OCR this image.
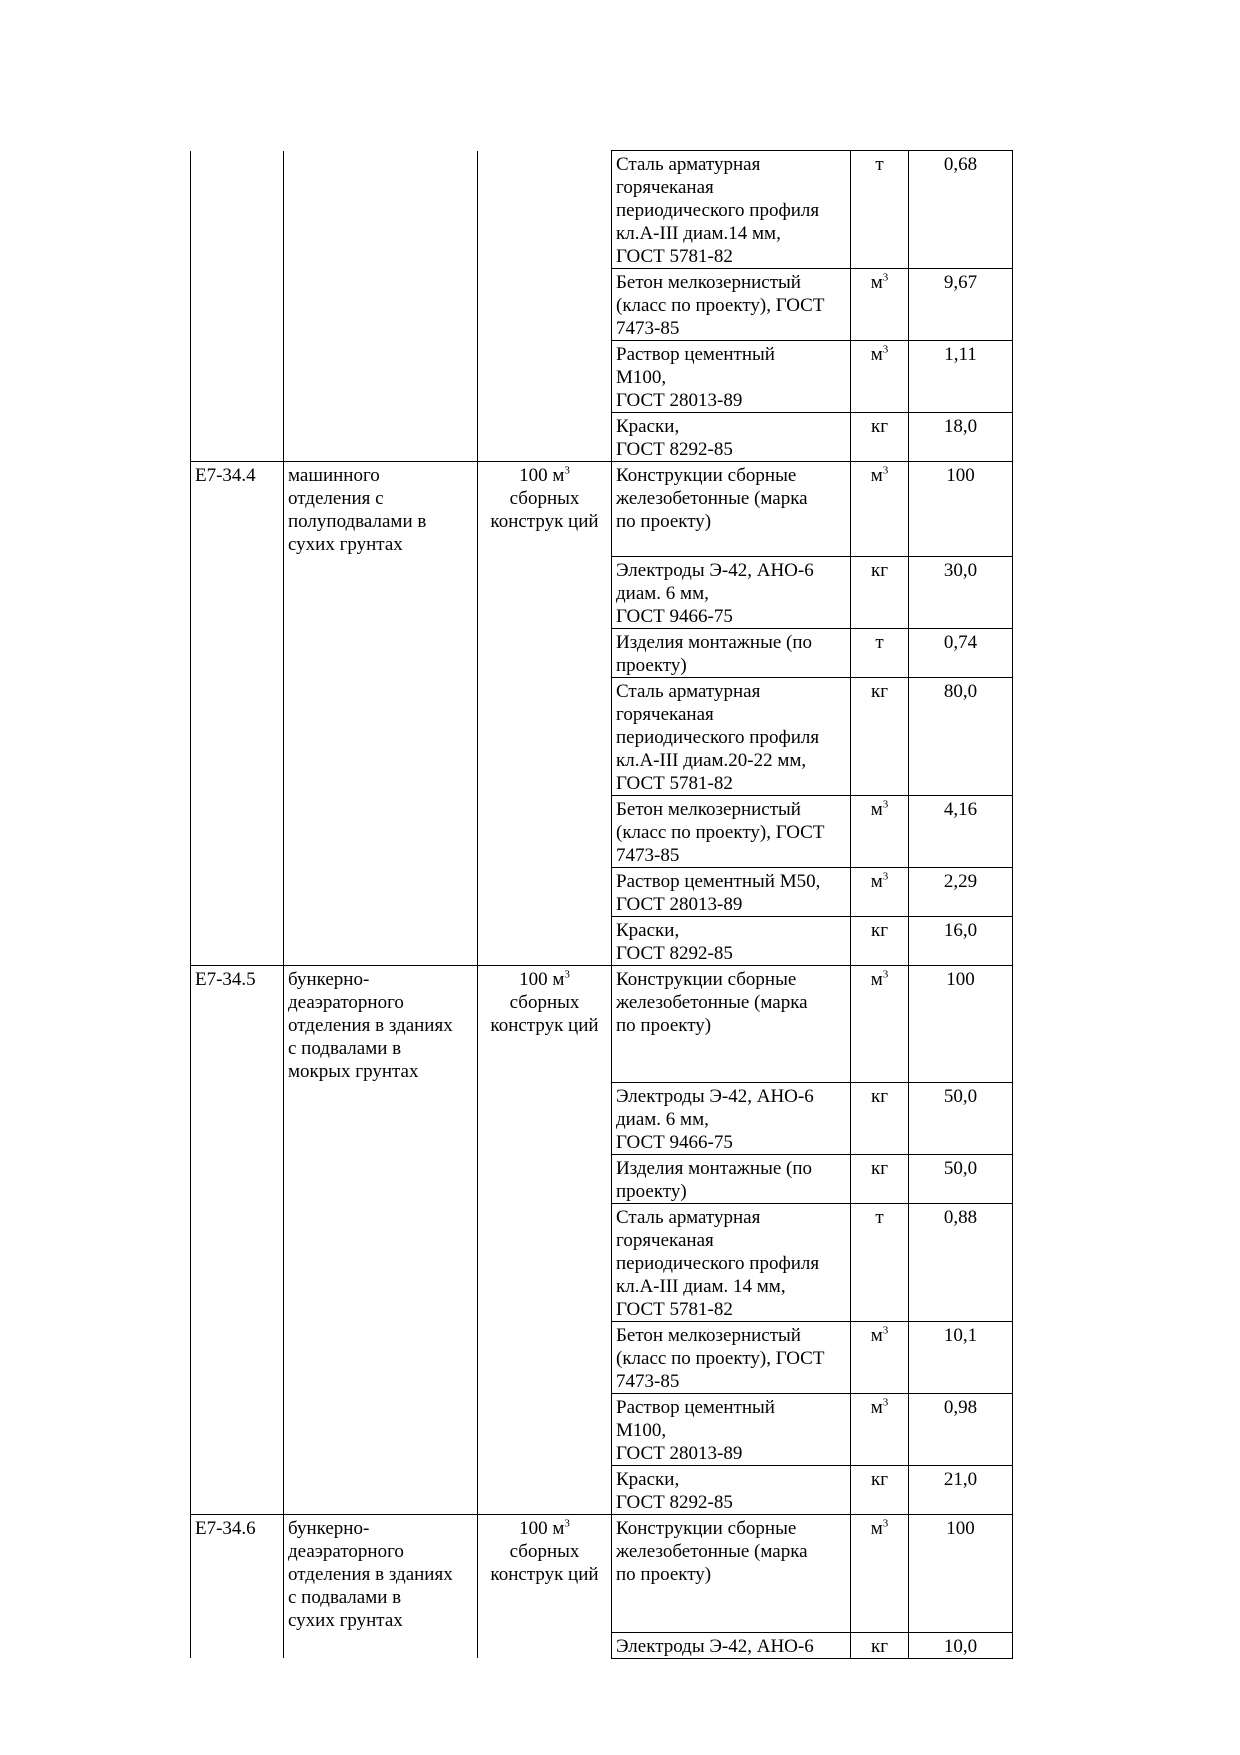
			Сталь арматурная
горячеканая
периодического профиля
кл.А-III диам.14 мм,
ГОСТ 5781-82	т	0,68
			Бетон мелкозернистый
(класс по проекту), ГОСТ
7473-85	$м^3$	9,67
			Раствор цементный
М100,
ГОСТ 28013-89	$м^3$	1,11
			Краски,
ГОСТ 8292-85	кг	18,0
Е7-34.4	машинного
отделения с
полуподвалами в
сухих грунтах	100 $м^3$
сборных
конструк ций	Конструкции сборные
железобетонные (марка
по проекту)	$м^3$	100
			Электроды Э-42, АНО-6
диам. 6 мм,
ГОСТ 9466-75	кг	30,0
			Изделия монтажные (по
проекту)	т	0,74
			Сталь арматурная
горячеканая
периодического профиля
кл.А-III диам.20-22 мм,
ГОСТ 5781-82	кг	80,0
			Бетон мелкозернистый
(класс по проекту), ГОСТ
7473-85	$м^3$	4,16
			Раствор цементный М50,
ГОСТ 28013-89	$м^3$	2,29
			Краски,
ГОСТ 8292-85	кг	16,0
Е7-34.5	бункерно-
деаэраторного
отделения в зданиях
с подвалами в
мокрых грунтах	100 $м^3$
сборных
конструк ций	Конструкции сборные
железобетонные (марка
по проекту)	$м^3$	100
			Электроды Э-42, АНО-6
диам. 6 мм,
ГОСТ 9466-75	кг	50,0
			Изделия монтажные (по
проекту)	кг	50,0
			Сталь арматурная
горячеканая
периодического профиля
кл.А-III диам. 14 мм,
ГОСТ 5781-82	т	0,88
			Бетон мелкозернистый
(класс по проекту), ГОСТ
7473-85	$м^3$	10,1
			Раствор цементный
М100,
ГОСТ 28013-89	$м^3$	0,98
			Краски,
ГОСТ 8292-85	кг	21,0
Е7-34.6	бункерно-
деаэраторного
отделения в зданиях
с подвалами в
сухих грунтах	100 $м^3$
сборных
конструк ций	Конструкции сборные
железобетонные (марка
по проекту)	$м^3$	100
			Электроды Э-42, АНО-6	кг	10,0
